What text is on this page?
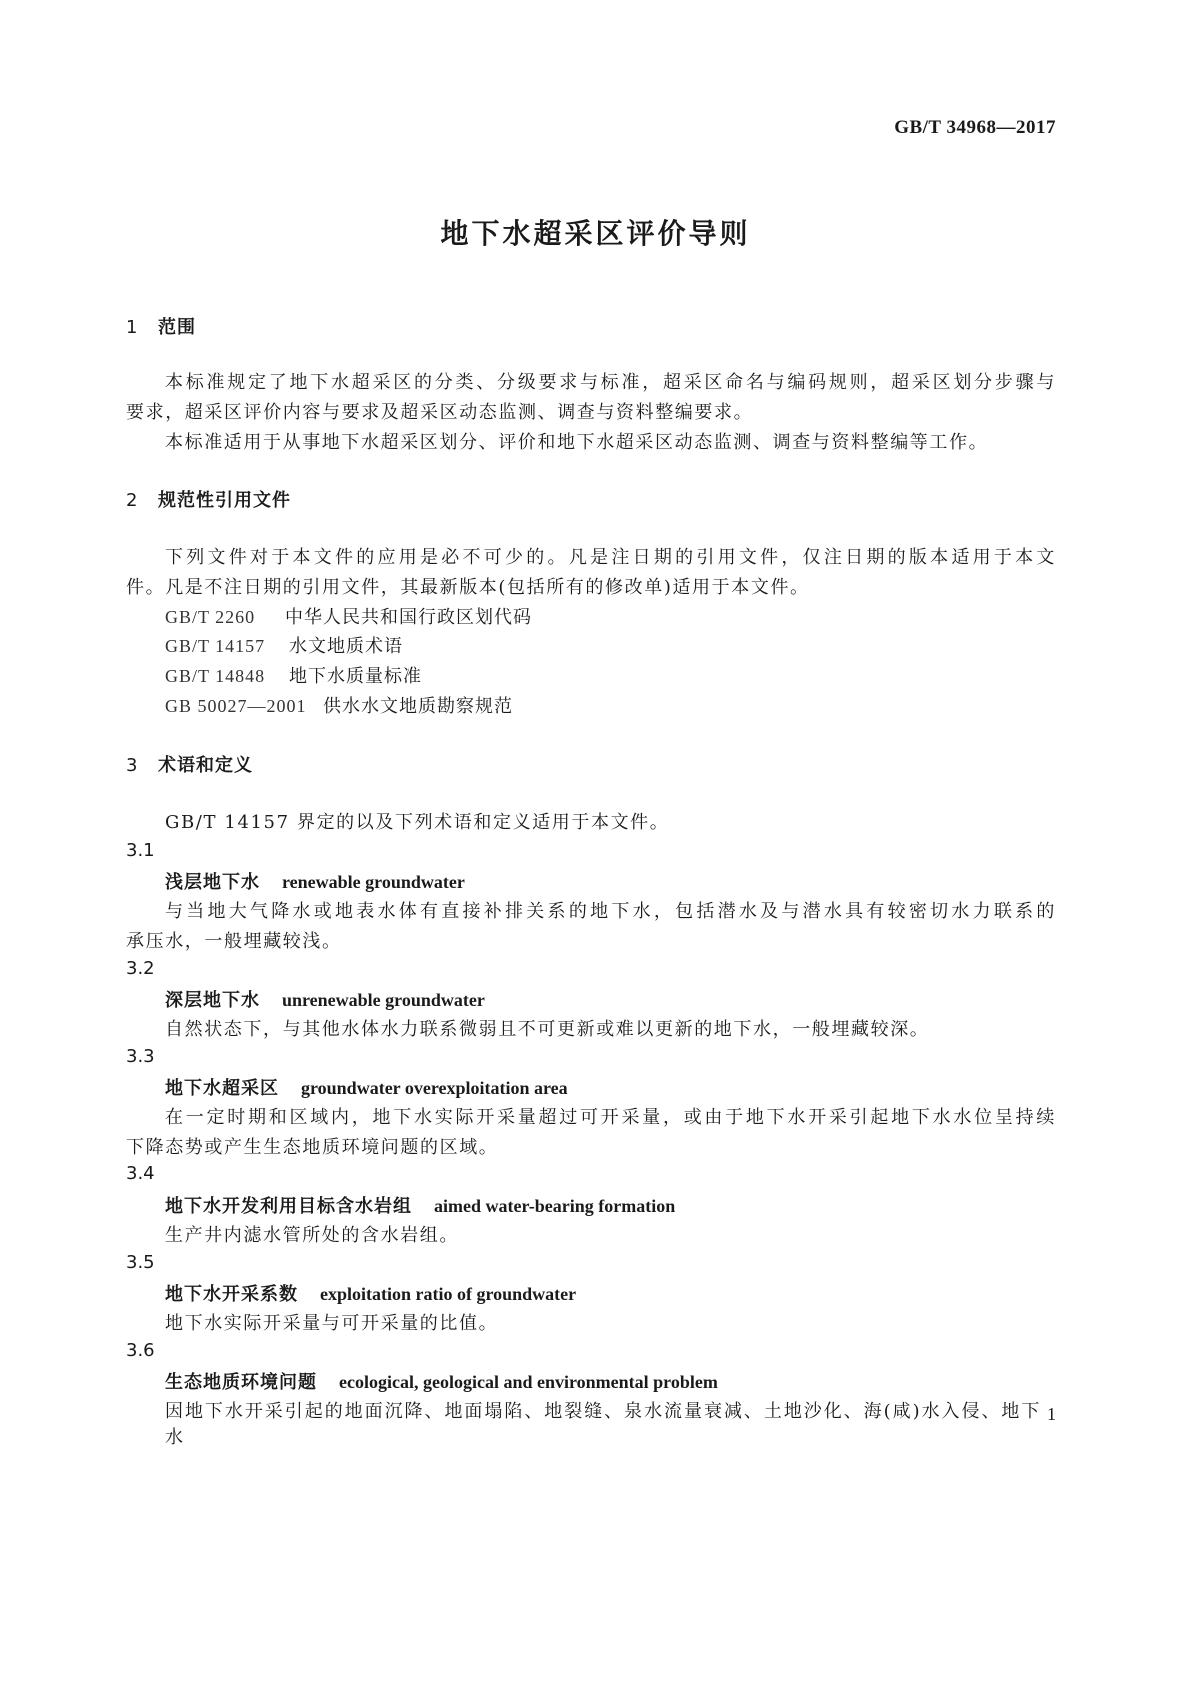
GB/T 34968—2017
地下水超采区评价导则
1 范围
本标准规定了地下水超采区的分类、分级要求与标准，超采区命名与编码规则，超采区划分步骤与
要求，超采区评价内容与要求及超采区动态监测、调查与资料整编要求。
本标准适用于从事地下水超采区划分、评价和地下水超采区动态监测、调查与资料整编等工作。
2 规范性引用文件
下列文件对于本文件的应用是必不可少的。凡是注日期的引用文件，仅注日期的版本适用于本文
件。凡是不注日期的引用文件，其最新版本(包括所有的修改单)适用于本文件。
GB/T 2260 中华人民共和国行政区划代码
GB/T 14157 水文地质术语
GB/T 14848 地下水质量标准
GB 50027—2001 供水水文地质勘察规范
3 术语和定义
GB/T 14157 界定的以及下列术语和定义适用于本文件。
3.1
浅层地下水 renewable groundwater
与当地大气降水或地表水体有直接补排关系的地下水，包括潜水及与潜水具有较密切水力联系的
承压水，一般埋藏较浅。
3.2
深层地下水 unrenewable groundwater
自然状态下，与其他水体水力联系微弱且不可更新或难以更新的地下水，一般埋藏较深。
3.3
地下水超采区 groundwater overexploitation area
在一定时期和区域内，地下水实际开采量超过可开采量，或由于地下水开采引起地下水水位呈持续
下降态势或产生生态地质环境问题的区域。
3.4
地下水开发利用目标含水岩组 aimed water-bearing formation
生产井内滤水管所处的含水岩组。
3.5
地下水开采系数 exploitation ratio of groundwater
地下水实际开采量与可开采量的比值。
3.6
生态地质环境问题 ecological, geological and environmental problem
因地下水开采引起的地面沉降、地面塌陷、地裂缝、泉水流量衰减、土地沙化、海(咸)水入侵、地下水
1
